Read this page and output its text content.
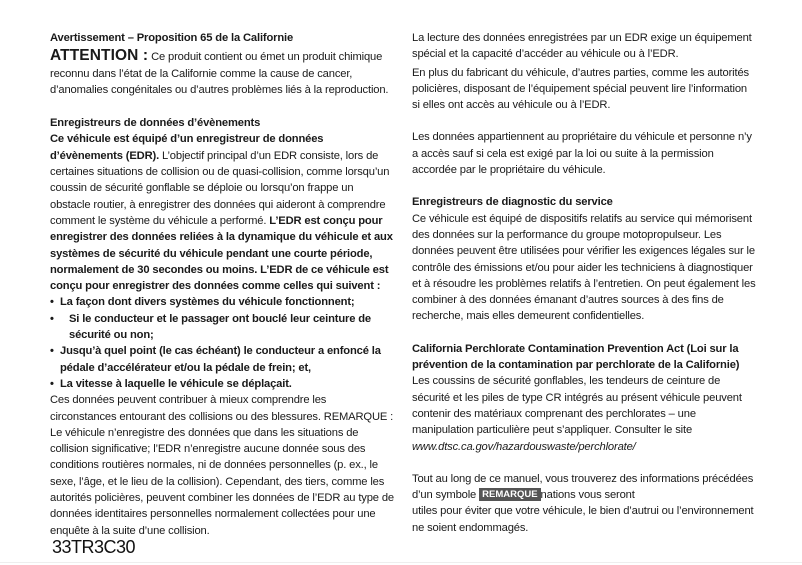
Avertissement – Proposition 65 de la Californie

ATTENTION : Ce produit contient ou émet un produit chimique reconnu dans l’état de la Californie comme la cause de cancer, d’anomalies congénitales ou d’autres problèmes liés à la reproduction.

Enregistreurs de données d’évènements

Ce véhicule est équipé d’un enregistreur de données d’évènements (EDR). L’objectif principal d’un EDR consiste, lors de certaines situations de collision ou de quasi-collision, comme lorsqu’un coussin de sécurité gonflable se déploie ou lorsqu’on frappe un obstacle routier, à enregistrer des données qui aideront à comprendre comment le système du véhicule a performé. L’EDR est conçu pour enregistrer des données reliées à la dynamique du véhicule et aux systèmes de sécurité du véhicule pendant une courte période, normalement de 30 secondes ou moins. L’EDR de ce véhicule est conçu pour enregistrer des données comme celles qui suivent :

• La façon dont divers systèmes du véhicule fonctionnent;
•	Si le conducteur et le passager ont bouclé leur ceinture de sécurité ou non;
• Jusqu’à quel point (le cas échéant) le conducteur a enfoncé la pédale d’accélérateur et/ou la pédale de frein; et,
• La vitesse à laquelle le véhicule se déplaçait.

Ces données peuvent contribuer à mieux comprendre les circonstances entourant des collisions ou des blessures. REMARQUE : Le véhicule n’enregistre des données que dans les situations de collision significative; l’EDR n’enregistre aucune donnée sous des conditions routières normales, ni de données personnelles (p. ex., le sexe, l’âge, et le lieu de la collision). Cependant, des tiers, comme les autorités policières, peuvent combiner les données de l’EDR au type de données identitaires personnelles normalement collectées pour une enquête à la suite d’une collision.

La lecture des données enregistrées par un EDR exige un équipement spécial et la capacité d’accéder au véhicule ou à l’EDR.

En plus du fabricant du véhicule, d’autres parties, comme les autorités policières, disposant de l’équipement spécial peuvent lire l’information si elles ont accès au véhicule ou à l’EDR.

Les données appartiennent au propriétaire du véhicule et personne n’y a accès sauf si cela est exigé par la loi ou suite à la permission accordée par le propriétaire du véhicule.

Enregistreurs de diagnostic du service

Ce véhicule est équipé de dispositifs relatifs au service qui mémorisent des données sur la performance du groupe motopropulseur. Les données peuvent être utilisées pour vérifier les exigences légales sur le contrôle des émissions et/ou pour aider les techniciens à diagnostiquer et à résoudre les problèmes relatifs à l’entretien. On peut également les combiner à des données émanant d’autres sources à des fins de recherche, mais elles demeurent confidentielles.

California Perchlorate Contamination Prevention Act (Loi sur la prévention de la contamination par perchlorate de la Californie)

Les coussins de sécurité gonflables, les tendeurs de ceinture de sécurité et les piles de type CR intégrés au présent véhicule peuvent contenir des matériaux comprenant des perchlorates – une manipulation particulière peut s’appliquer. Consulter le site
www.dtsc.ca.gov/hazardouswaste/perchlorate/

Tout au long de ce manuel, vous trouverez des informations précédées d’un symbole REMARQUE nations vous seront
utiles pour éviter que votre véhicule, le bien d’autrui ou l’environnement ne soient endommagés.

33TR3C30
